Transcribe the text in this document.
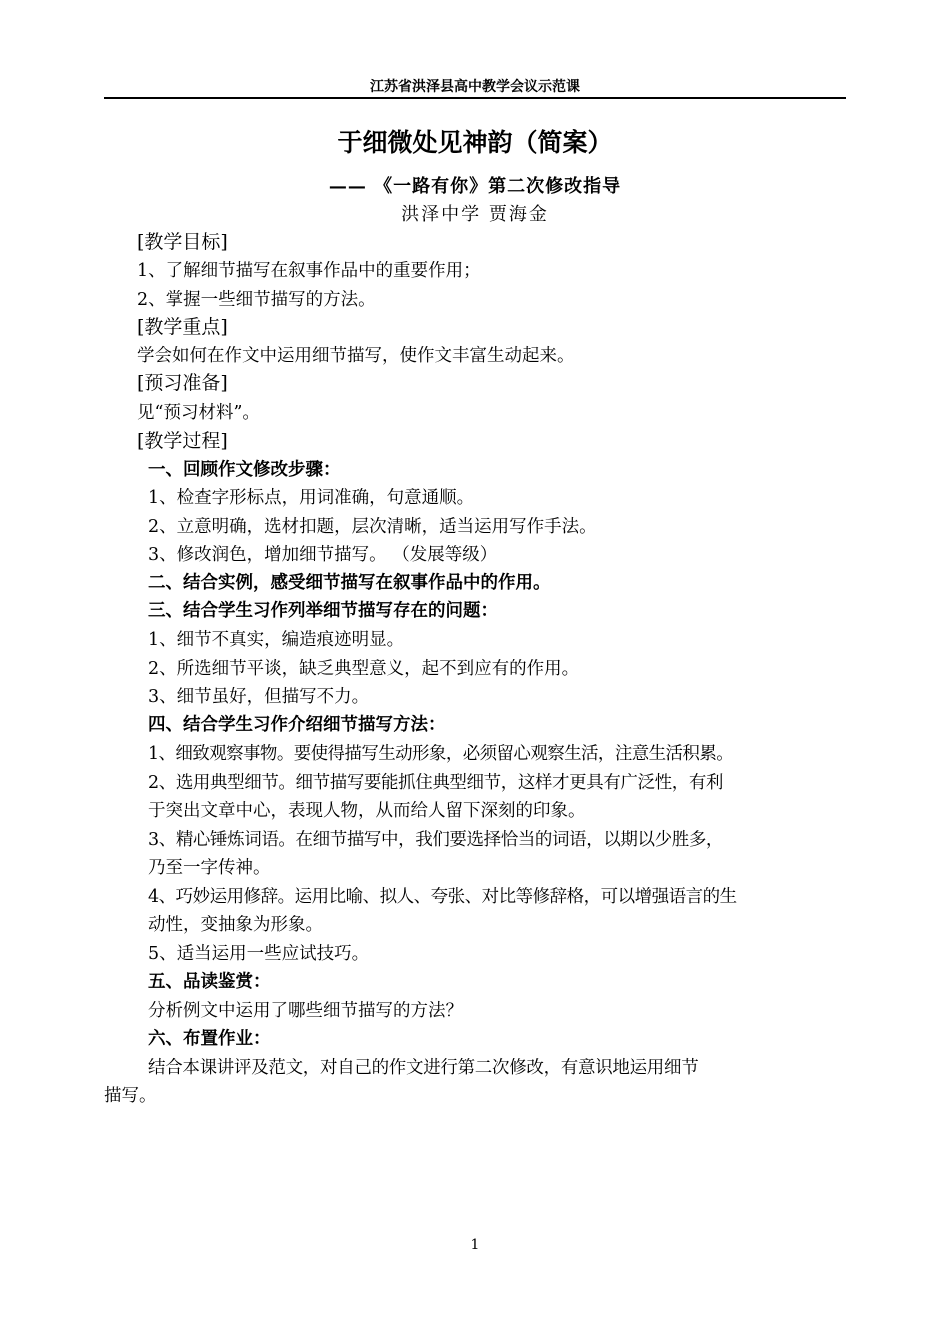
江苏省洪泽县高中教学会议示范课
于细微处见神韵（简案）
—— 《一路有你》第二次修改指导
洪泽中学 贾海金
[教学目标]
1、了解细节描写在叙事作品中的重要作用；
2、掌握一些细节描写的方法。
[教学重点]
学会如何在作文中运用细节描写，使作文丰富生动起来。
[预习准备]
见“预习材料”。
[教学过程]
一、回顾作文修改步骤：
1、检查字形标点，用词准确，句意通顺。
2、立意明确，选材扣题，层次清晰，适当运用写作手法。
3、修改润色，增加细节描写。 （发展等级）
二、结合实例，感受细节描写在叙事作品中的作用。
三、结合学生习作列举细节描写存在的问题：
1、细节不真实，编造痕迹明显。
2、所选细节平谈，缺乏典型意义，起不到应有的作用。
3、细节虽好，但描写不力。
四、结合学生习作介绍细节描写方法：
1、细致观察事物。要使得描写生动形象，必须留心观察生活，注意生活积累。
2、选用典型细节。细节描写要能抓住典型细节，这样才更具有广泛性，有利
于突出文章中心，表现人物，从而给人留下深刻的印象。
3、精心锤炼词语。在细节描写中，我们要选择恰当的词语，以期以少胜多，
乃至一字传神。
4、巧妙运用修辞。运用比喻、拟人、夸张、对比等修辞格，可以增强语言的生
动性，变抽象为形象。
5、适当运用一些应试技巧。
五、品读鉴赏：
分析例文中运用了哪些细节描写的方法？
六、布置作业：
结合本课讲评及范文，对自己的作文进行第二次修改，有意识地运用细节
描写。
1
